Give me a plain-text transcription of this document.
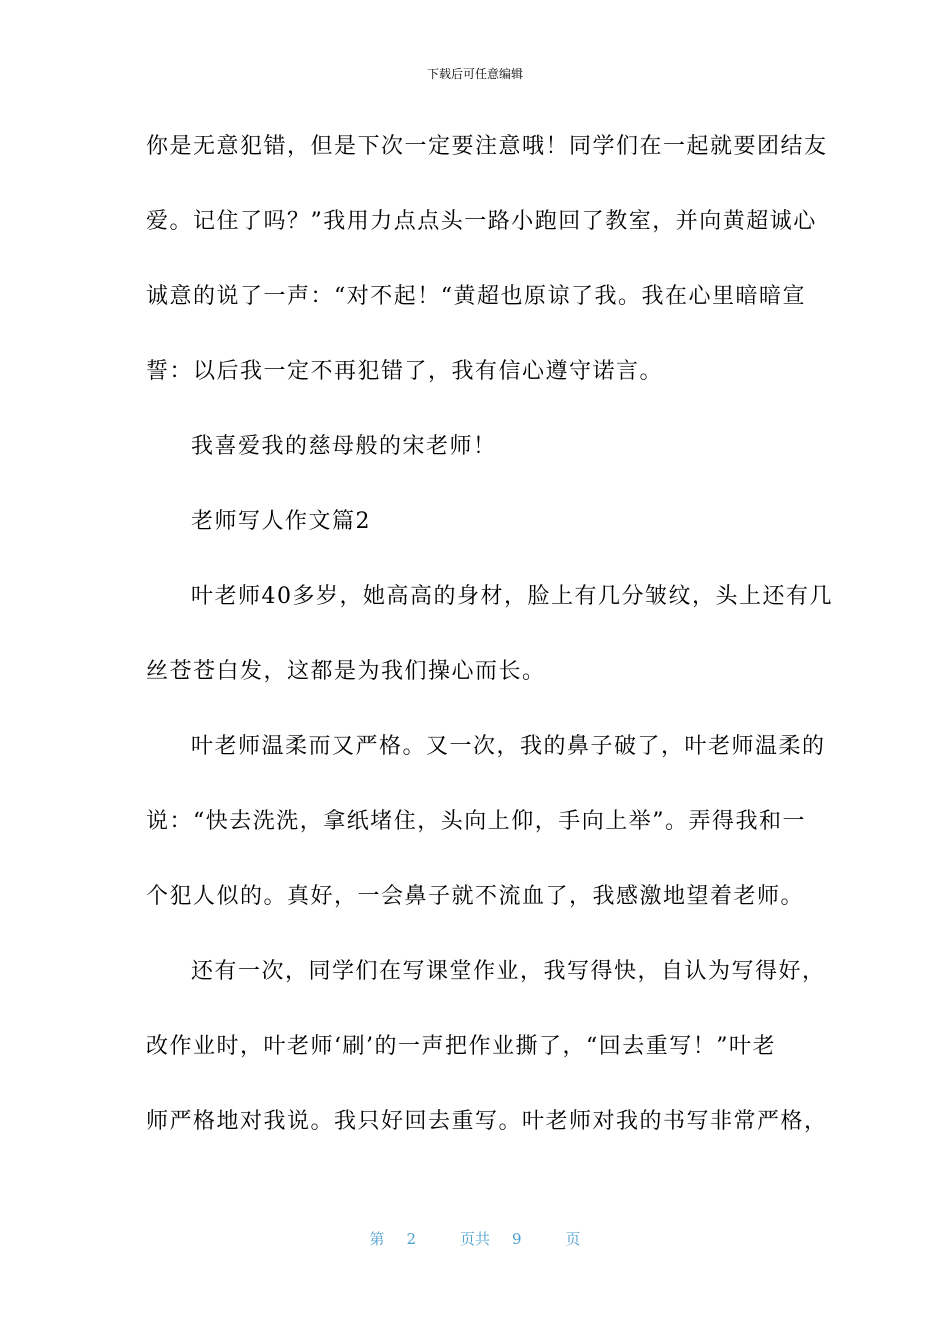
下载后可任意编辑
你是无意犯错，但是下次一定要注意哦！同学们在一起就要团结友
爱。记住了吗？”我用力点点头一路小跑回了教室，并向黄超诚心
诚意的说了一声：“对不起！“黄超也原谅了我。我在心里暗暗宣
誓：以后我一定不再犯错了，我有信心遵守诺言。
我喜爱我的慈母般的宋老师！
老师写人作文篇2
叶老师40多岁，她高高的身材，脸上有几分皱纹，头上还有几
丝苍苍白发，这都是为我们操心而长。
叶老师温柔而又严格。又一次，我的鼻子破了，叶老师温柔的
说：“快去洗洗，拿纸堵住，头向上仰，手向上举”。弄得我和一
个犯人似的。真好，一会鼻子就不流血了，我感激地望着老师。
还有一次，同学们在写课堂作业，我写得快，自认为写得好，
改作业时，叶老师‘刷’的一声把作业撕了，“回去重写！”叶老
师严格地对我说。我只好回去重写。叶老师对我的书写非常严格，
第 2	页共 9	页
